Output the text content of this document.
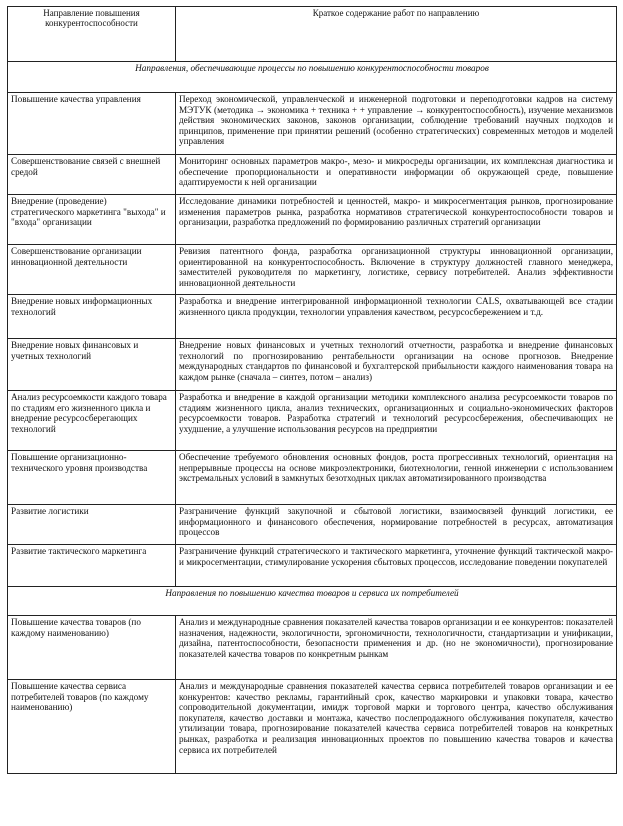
Направление повышения конкурентоспособности	Краткое содержание работ по направлению
Направления, обеспечивающие процессы по повышению конкурентоспособности товаров	
Повышение качества управления	Переход экономической, управленческой и инженерной подготовки и переподготовки кадров на систему МЭТУК (методика → экономика + техника + + управление → конкурентоспособность), изучение механизмов действия экономических законов, законов организации, соблюдение требований научных подходов и принципов, применение при принятии решений (особенно стратегических) современных методов и моделей управления
Совершенствование связей с внешней средой	Мониторинг основных параметров макро-, мезо- и микросреды организации, их комплексная диагностика и обеспечение пропорциональности и оперативности информации об окружающей среде, повышение адаптируемости к ней организации
Внедрение (проведение) стратегического маркетинга "выхода" и "входа" организации	Исследование динамики потребностей и ценностей, макро- и микросегментация рынков, прогнозирование изменения параметров рынка, разработка нормативов стратегической конкурентоспособности товаров и организации, разработка предложений по формированию различных стратегий организации
Совершенствование организации инновационной деятельности	Ревизия патентного фонда, разработка организационной структуры инновационной организации, ориентированной на конкурентоспособность. Включение в структуру должностей главного менеджера, заместителей руководителя по маркетингу, логистике, сервису потребителей. Анализ эффективности инновационной деятельности
Внедрение новых информационных технологий	Разработка и внедрение интегрированной информационной технологии CALS, охватывающей все стадии жизненного цикла продукции, технологии управления качеством, ресурсосбережением и т.д.
Внедрение новых финансовых и учетных технологий	Внедрение новых финансовых и учетных технологий отчетности, разработка и внедрение финансовых технологий по прогнозированию рентабельности организации на основе прогнозов. Внедрение международных стандартов по финансовой и бухгалтерской прибыльности каждого наименования товара на каждом рынке (сначала – синтез, потом – анализ)
Анализ ресурсоемкости каждого товара по стадиям его жизненного цикла и внедрение ресурсосберегающих технологий	Разработка и внедрение в каждой организации методики комплексного анализа ресурсоемкости товаров по стадиям жизненного цикла, анализ технических, организационных и социально-экономических факторов ресурсоемкости товаров. Разработка стратегий и технологий ресурсосбережения, обеспечивающих не ухудшение, а улучшение использования ресурсов на предприятии
Повышение организационно-технического уровня производства	Обеспечение требуемого обновления основных фондов, роста прогрессивных технологий, ориентация на непрерывные процессы на основе микроэлектроники, биотехнологии, генной инженерии с использованием экстремальных условий в замкнутых безотходных циклах автоматизированного производства
Развитие логистики	Разграничение функций закупочной и сбытовой логистики, взаимосвязей функций логистики, ее информационного и финансового обеспечения, нормирование потребностей в ресурсах, автоматизация процессов
Развитие тактического маркетинга	Разграничение функций стратегического и тактического маркетинга, уточнение функций тактической макро- и микросегментации, стимулирование ускорения сбытовых процессов, исследование поведении покупателей
Направления по повышению качества товаров и сервиса их потребителей	
Повышение качества товаров (по каждому наименованию)	Анализ и международные сравнения показателей качества товаров организации и ее конкурентов: показателей назначения, надежности, экологичности, эргономичности, технологичности, стандартизации и унификации, дизайна, патентоспособности, безопасности применения и др. (но не экономичности), прогнозирование показателей качества товаров по конкретным рынкам
Повышение качества сервиса потребителей товаров (по каждому наименованию)	Анализ и международные сравнения показателей качества сервиса потребителей товаров организации и ее конкурентов: качество рекламы, гарантийный срок, качество маркировки и упаковки товара, качество сопроводительной документации, имидж торговой марки и торгового центра, качество обслуживания покупателя, качество доставки и монтажа, качество послепродажного обслуживания покупателя, качество утилизации товара, прогнозирование показателей качества сервиса потребителей товаров на конкретных рынках, разработка и реализация инновационных проектов по повышению качества товаров и качества сервиса их потребителей
